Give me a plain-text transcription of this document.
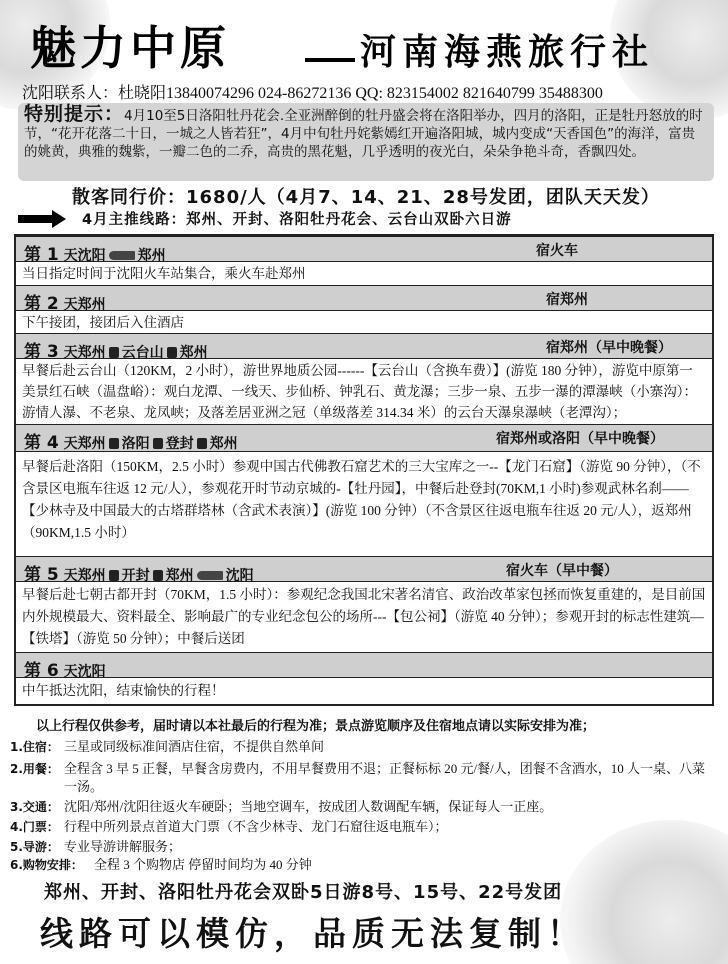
魅力中原	河南海燕旅行社
沈阳联系人：杜晓阳13840074296 024-86272136 QQ: 823154002 821640799 35488300
特别提示：4月10至5日洛阳牡丹花会.全亚洲醉倒的牡丹盛会将在洛阳举办，四月的洛阳，正是牡丹怒放的时节，“花开花落二十日，一城之人皆若狂”，4月中旬牡丹姹紫嫣红开遍洛阳城，城内变成“天香国色”的海洋，富贵的姚黄，典雅的魏紫，一瓣二色的二乔，高贵的黑花魁，几乎透明的夜光白，朵朵争艳斗奇，香飘四处。
散客同行价：1680/人（4月7、14、21、28号发团，团队天天发）
4月主推线路：郑州、开封、洛阳牡丹花会、云台山双卧六日游
第 1 天沈阳 郑州	宿火车
当日指定时间于沈阳火车站集合，乘火车赴郑州
第 2 天郑州	宿郑州
下午接团，接团后入住酒店
第 3 天郑州 云台山 郑州	宿郑州（早中晚餐）
早餐后赴云台山（120KM，2 小时），游世界地质公园------【云台山（含换车费）】(游览 180 分钟），游览中原第一美景红石峡（温盘峪）：观白龙潭、一线天、步仙桥、钟乳石、黄龙瀑；三步一泉、五步一瀑的潭瀑峡（小寨沟）：游情人瀑、不老泉、龙凤峡；及落差居亚洲之冠（单级落差 314.34 米）的云台天瀑泉瀑峡（老潭沟）；
第 4 天郑州 洛阳 登封 郑州	宿郑州或洛阳（早中晚餐）
早餐后赴洛阳（150KM，2.5 小时）参观中国古代佛教石窟艺术的三大宝库之一--【龙门石窟】（游览 90 分钟），（不含景区电瓶车往返 12 元/人），参观花开时节动京城的-【牡丹园】，中餐后赴登封(70KM,1 小时)参观武林名刹——【少林寺及中国最大的古塔群塔林（含武术表演）】(游览 100 分钟）（不含景区往返电瓶车往返 20 元/人），返郑州（90KM,1.5 小时）
第 5 天郑州 开封 郑州 沈阳	宿火车（早中餐）
早餐后赴七朝古都开封（70KM，1.5 小时）：参观纪念我国北宋著名清官、政治改革家包拯而恢复重建的，是目前国内外规模最大、资料最全、影响最广的专业纪念包公的场所---【包公祠】（游览 40 分钟）；参观开封的标志性建筑—【铁塔】（游览 50 分钟）；中餐后送团
第 6 天沈阳
中午抵达沈阳，结束愉快的行程！
以上行程仅供参考，届时请以本社最后的行程为准；景点游览顺序及住宿地点请以实际安排为准；
1.住宿： 三星或同级标准间酒店住宿，不提供自然单间
2.用餐： 全程含 3 早 5 正餐，早餐含房费内，不用早餐费用不退；正餐标标 20 元/餐/人，团餐不含酒水，10 人一桌、八菜一汤。
3.交通： 沈阳/郑州/沈阳往返火车硬卧；当地空调车，按成团人数调配车辆，保证每人一正座。
4.门票： 行程中所列景点首道大门票（不含少林寺、龙门石窟往返电瓶车）；
5.导游： 专业导游讲解服务；
6.购物安排： 全程 3 个购物店 停留时间均为 40 分钟
郑州、开封、洛阳牡丹花会双卧5日游8号、15号、22号发团
线路可以模仿，品质无法复制！
